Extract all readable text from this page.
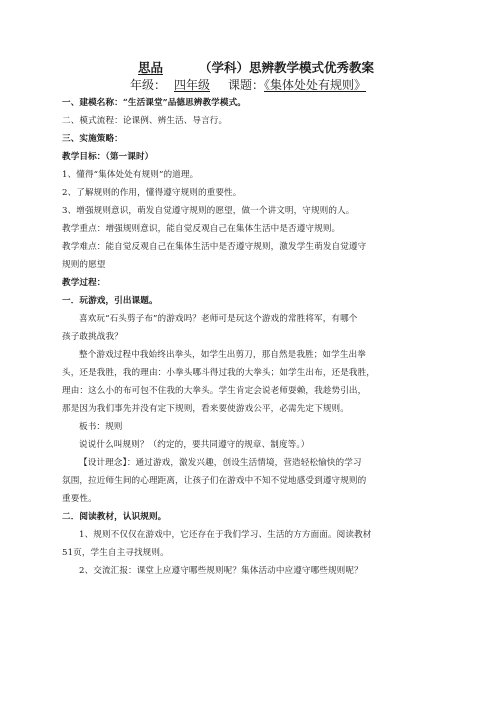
思品	（学科）思辨教学模式优秀教案
年级： 四年级 课题：《集体处处有规则》
一、建模名称：“生活课堂”品德思辨教学模式。
二、模式流程：论课例、辨生活、导言行。
三、实施策略：
教学目标：（第一课时）
1、懂得“集体处处有规则”的道理。
2、了解规则的作用，懂得遵守规则的重要性。
3、增强规则意识，萌发自觉遵守规则的愿望，做一个讲文明，守规则的人。
教学重点：增强规则意识，能自觉反观自己在集体生活中是否遵守规则。
教学难点：能自觉反观自己在集体生活中是否遵守规则，激发学生萌发自觉遵守
规则的愿望
教学过程：
一．玩游戏，引出课题。
喜欢玩“石头剪子布”的游戏吗？老师可是玩这个游戏的常胜将军，有哪个
孩子敢挑战我？
整个游戏过程中我始终出拳头，如学生出剪刀，那自然是我胜；如学生出拳
头，还是我胜，我的理由：小拳头哪斗得过我的大拳头；如学生出布，还是我胜，
理由：这么小的布可包不住我的大拳头。学生肯定会说老师耍赖，我趁势引出，
那是因为我们事先并没有定下规则，看来要使游戏公平，必需先定下规则。
板书：规则
说说什么叫规则？（约定的，要共同遵守的规章、制度等。）
【设计理念】：通过游戏，激发兴趣，创设生活情境，营造轻松愉快的学习
氛围，拉近师生间的心理距离，让孩子们在游戏中不知不觉地感受到遵守规则的
重要性。
二．阅读教材，认识规则。
1、规则不仅仅在游戏中，它还存在于我们学习、生活的方方面面。阅读教材
51页，学生自主寻找规则。
2、交流汇报：课堂上应遵守哪些规则呢？集体活动中应遵守哪些规则呢？
